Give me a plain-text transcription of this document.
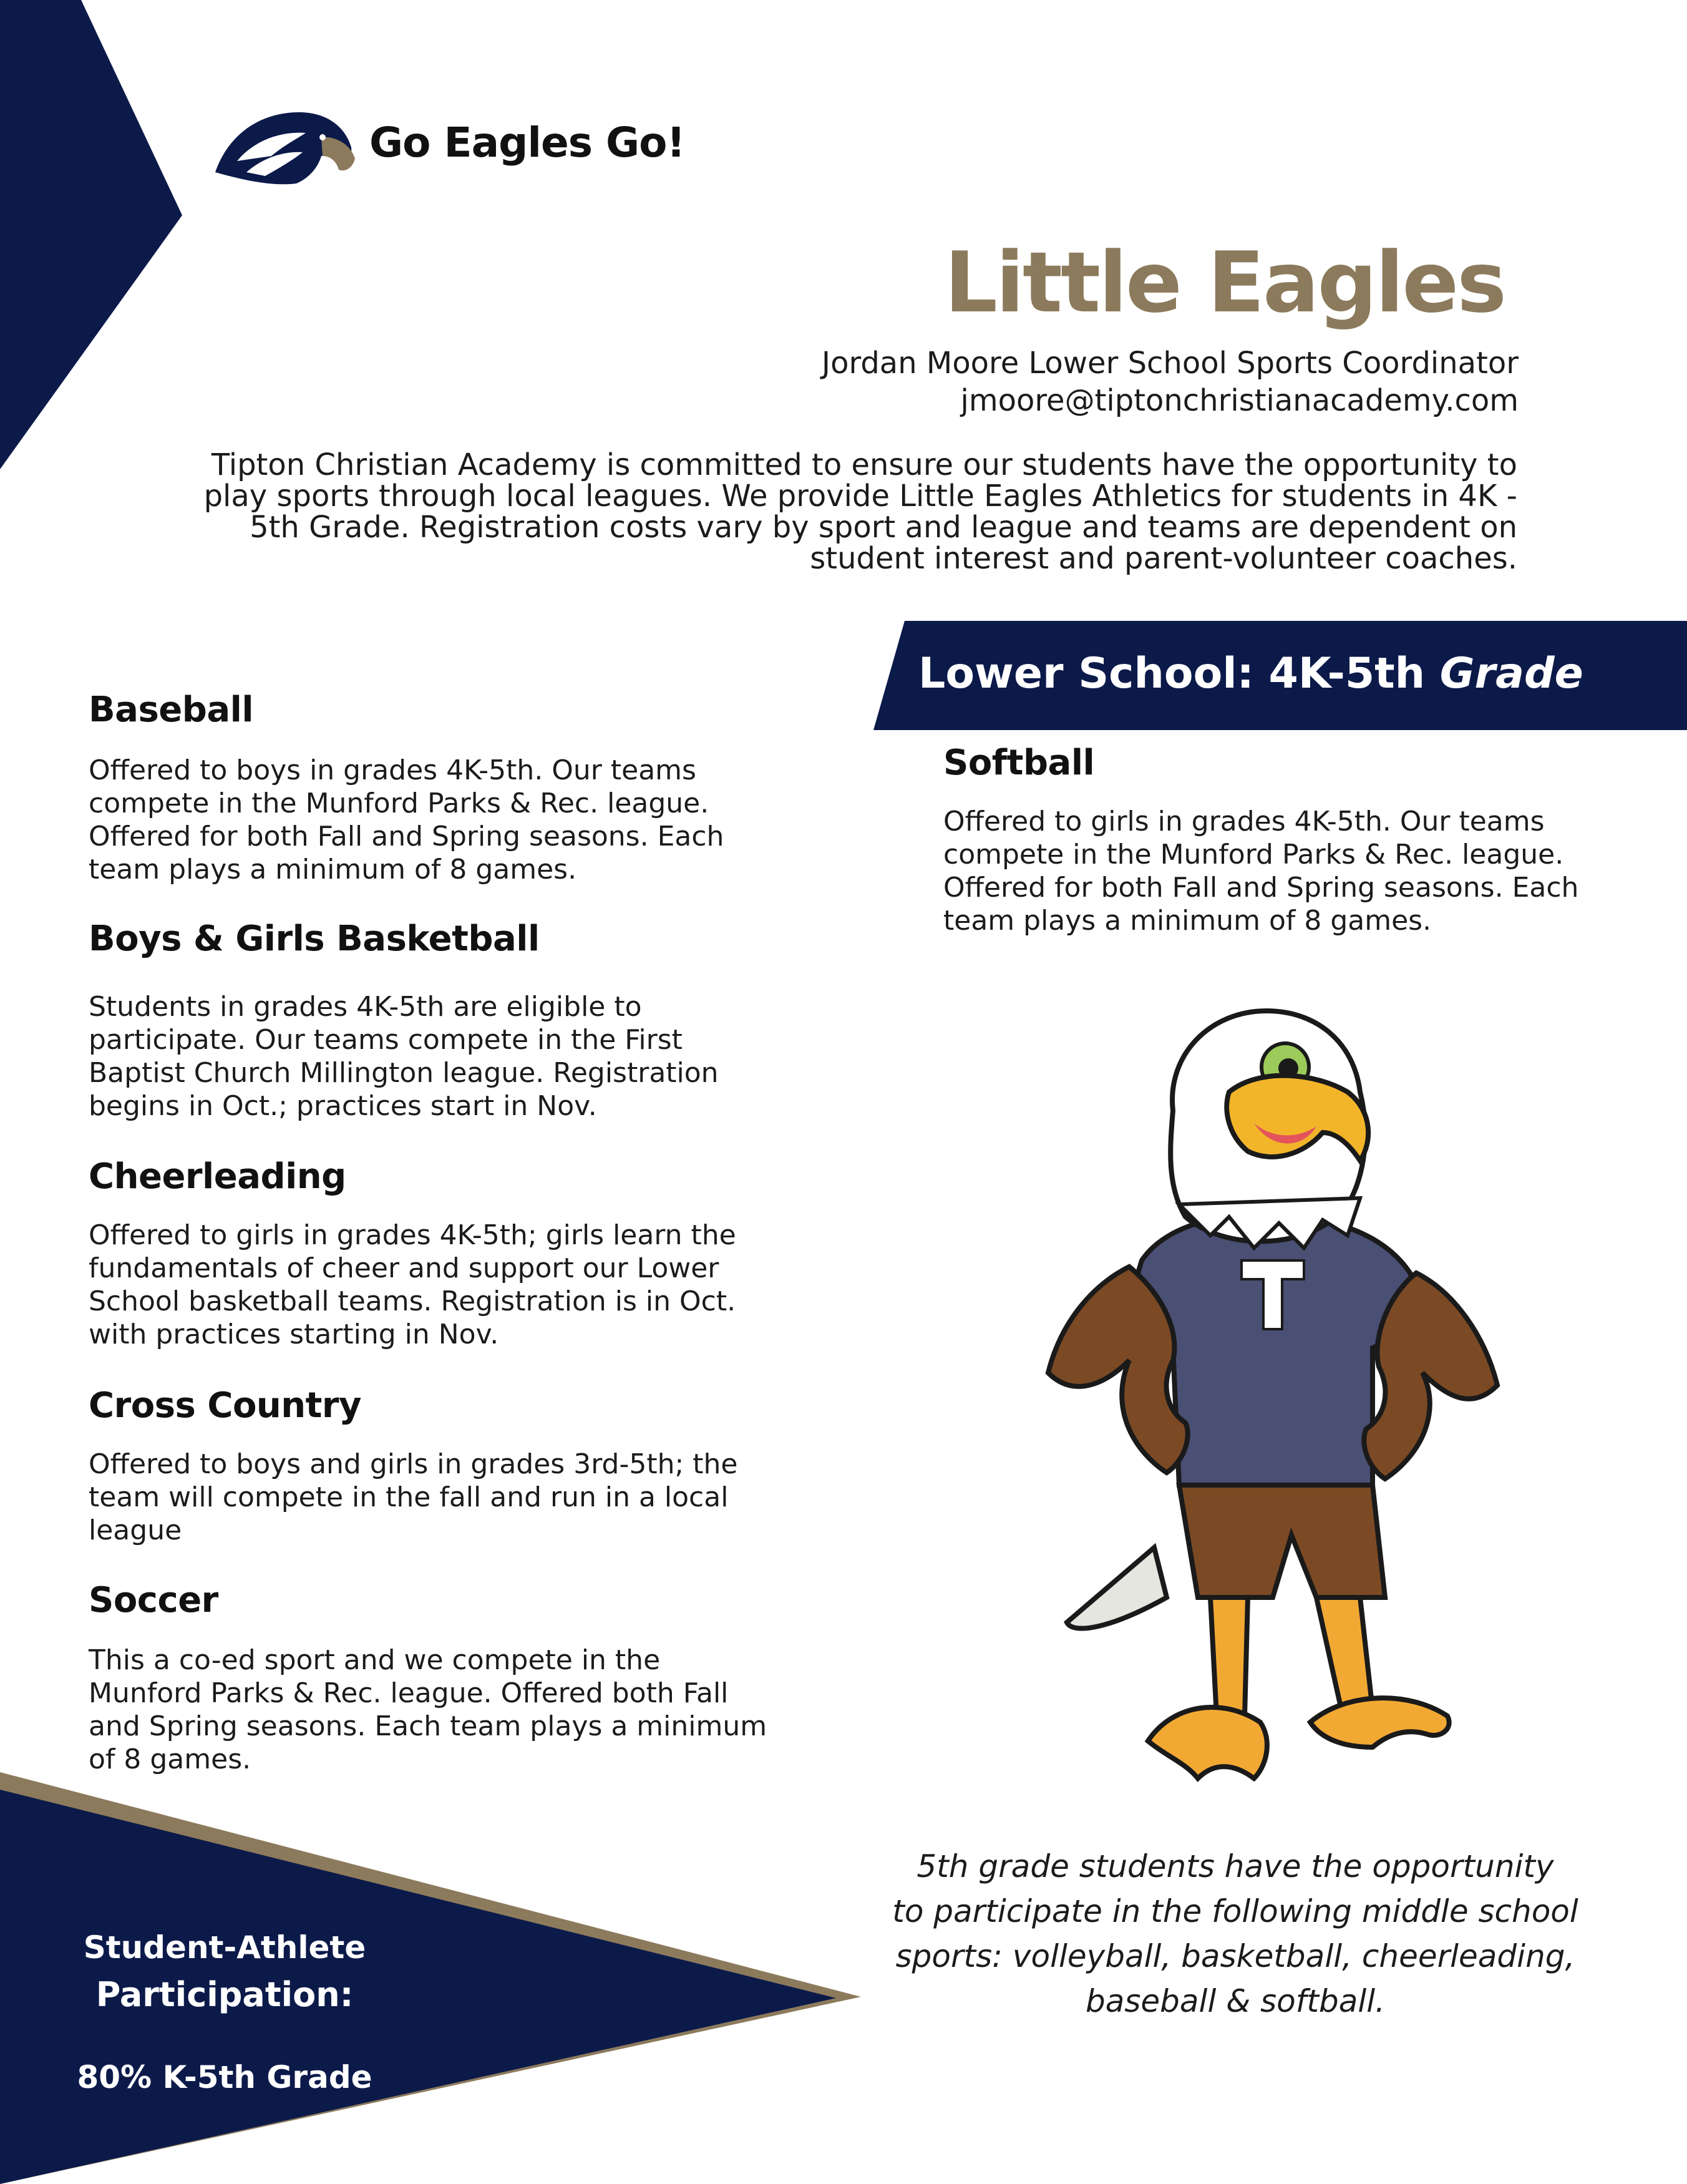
Go Eagles Go!
Little Eagles
Jordan Moore Lower School Sports Coordinator
jmoore@tiptonchristianacademy.com
Tipton Christian Academy is committed to ensure our students have the opportunity to
play sports through local leagues. We provide Little Eagles Athletics for students in 4K -
5th Grade. Registration costs vary by sport and league and teams are dependent on
student interest and parent-volunteer coaches.
Lower School: 4K-5th Grade
Baseball
Offered to boys in grades 4K-5th. Our teams compete in the Munford Parks & Rec. league. Offered for both Fall and Spring seasons. Each team plays a minimum of 8 games.
Boys & Girls Basketball
Students in grades 4K-5th are eligible to participate. Our teams compete in the First Baptist Church Millington league. Registration begins in Oct.; practices start in Nov.
Cheerleading
Offered to girls in grades 4K-5th; girls learn the fundamentals of cheer and support our Lower School basketball teams. Registration is in Oct. with practices starting in Nov.
Cross Country
Offered to boys and girls in grades 3rd-5th; the team will compete in the fall and run in a local league
Soccer
This a co-ed sport and we compete in the Munford Parks & Rec. league. Offered both Fall and Spring seasons. Each team plays a minimum of 8 games.
Softball
Offered to girls in grades 4K-5th. Our teams compete in the Munford Parks & Rec. league. Offered for both Fall and Spring seasons. Each team plays a minimum of 8 games.
5th grade students have the opportunity
to participate in the following middle school
sports: volleyball, basketball, cheerleading,
baseball & softball.
Student-Athlete
Participation:
80% K-5th Grade
